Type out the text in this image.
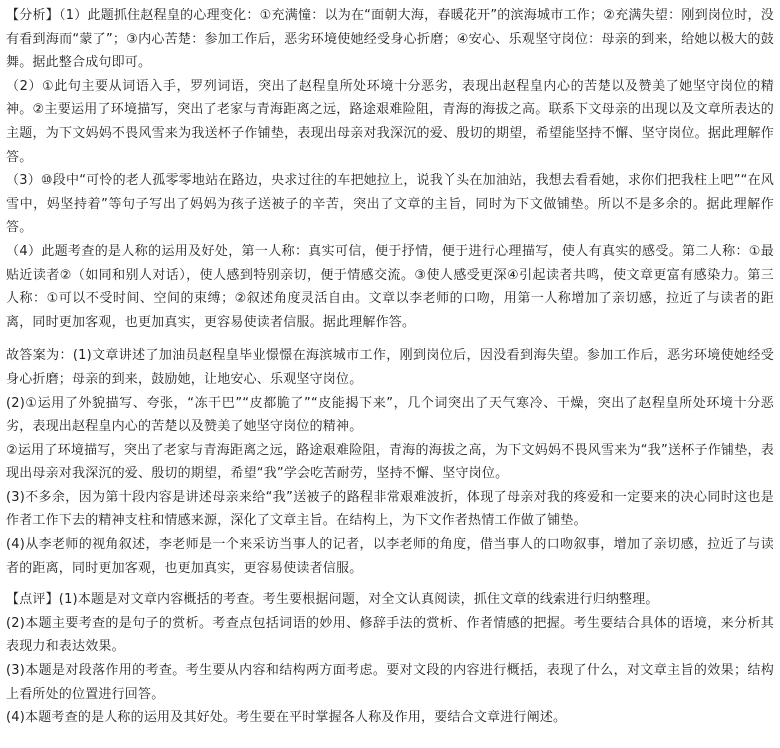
【分析】（1）此题抓住赵程皇的心理变化：①充满憧：以为在“面朝大海，春暖花开”的滨海城市工作；②充满失望：刚到岗位时，没有看到海而“蒙了”；③内心苦楚：参加工作后，恶劣环境使她经受身心折磨；④安心、乐观坚守岗位：母亲的到来，给她以极大的鼓舞。据此整合成句即可。

（2）①此句主要从词语入手，罗列词语，突出了赵程皇所处环境十分恶劣，表现出赵程皇内心的苦楚以及赞美了她坚守岗位的精神。②主要运用了环境描写，突出了老家与青海距离之远，路途艰难险阻，青海的海拔之高。联系下文母亲的出现以及文章所表达的主题，为下文妈妈不畏风雪来为我送杯子作铺垫，表现出母亲对我深沉的爱、殷切的期望，希望能坚持不懈、坚守岗位。据此理解作答。

（3）⑩段中“可怜的老人孤零零地站在路边，央求过往的车把她拉上，说我丫头在加油站，我想去看看她，求你们把我柱上吧”“在风雪中，妈坚持着”等句子写出了妈妈为孩子送被子的辛苦，突出了文章的主旨，同时为下文做铺垫。所以不是多余的。据此理解作答。

（4）此题考查的是人称的运用及好处，第一人称：真实可信，便于抒情，便于进行心理描写，使人有真实的感受。第二人称：①最贴近读者②（如同和别人对话），使人感到特别亲切，便于情感交流。③使人感受更深④引起读者共鸣，使文章更富有感染力。第三人称：①可以不受时间、空间的束缚；②叙述角度灵活自由。文章以李老师的口吻，用第一人称增加了亲切感，拉近了与读者的距离，同时更加客观，也更加真实，更容易使读者信服。据此理解作答。

故答案为：(1)文章讲述了加油员赵程皇毕业憬憬在海滨城市工作，刚到岗位后，因没看到海失望。参加工作后，恶劣环境使她经受身心折磨；母亲的到来，鼓励她，让地安心、乐观坚守岗位。

(2)①运用了外貌描写、夸张，“冻干巴”“皮都脆了”“皮能揭下来”，几个词突出了天气寒冷、干燥，突出了赵程皇所处环境十分恶劣，表现出赵程皇内心的苦楚以及赞美了她坚守岗位的精神。

②运用了环境描写，突出了老家与青海距离之远，路途艰难险阻，青海的海拔之高，为下文妈妈不畏风雪来为“我”送杯子作铺垫，表现出母亲对我深沉的爱、殷切的期望，希望“我”学会吃苦耐劳，坚持不懈、坚守岗位。

(3)不多余，因为第十段内容是讲述母亲来给“我”送被子的路程非常艰难波折，体现了母亲对我的疼爱和一定要来的决心同时这也是作者工作下去的精神支柱和情感来源，深化了文章主旨。在结构上，为下文作者热情工作做了铺垫。

(4)从李老师的视角叙述，李老师是一个来采访当事人的记者，以李老师的角度，借当事人的口吻叙事，增加了亲切感，拉近了与读者的距离，同时更加客观，也更加真实，更容易使读者信服。

【点评】(1)本题是对文章内容概括的考查。考生要根据问题，对全文认真阅读，抓住文章的线索进行归纳整理。

(2)本题主要考查的是句子的赏析。考查点包括词语的妙用、修辞手法的赏析、作者情感的把握。考生要结合具体的语境，来分析其表现力和表达效果。

(3)本题是对段落作用的考查。考生要从内容和结构两方面考虑。要对文段的内容进行概括，表现了什么，对文章主旨的效果；结构上看所处的位置进行回答。

(4)本题考查的是人称的运用及其好处。考生要在平时掌握各人称及作用，要结合文章进行阐述。
